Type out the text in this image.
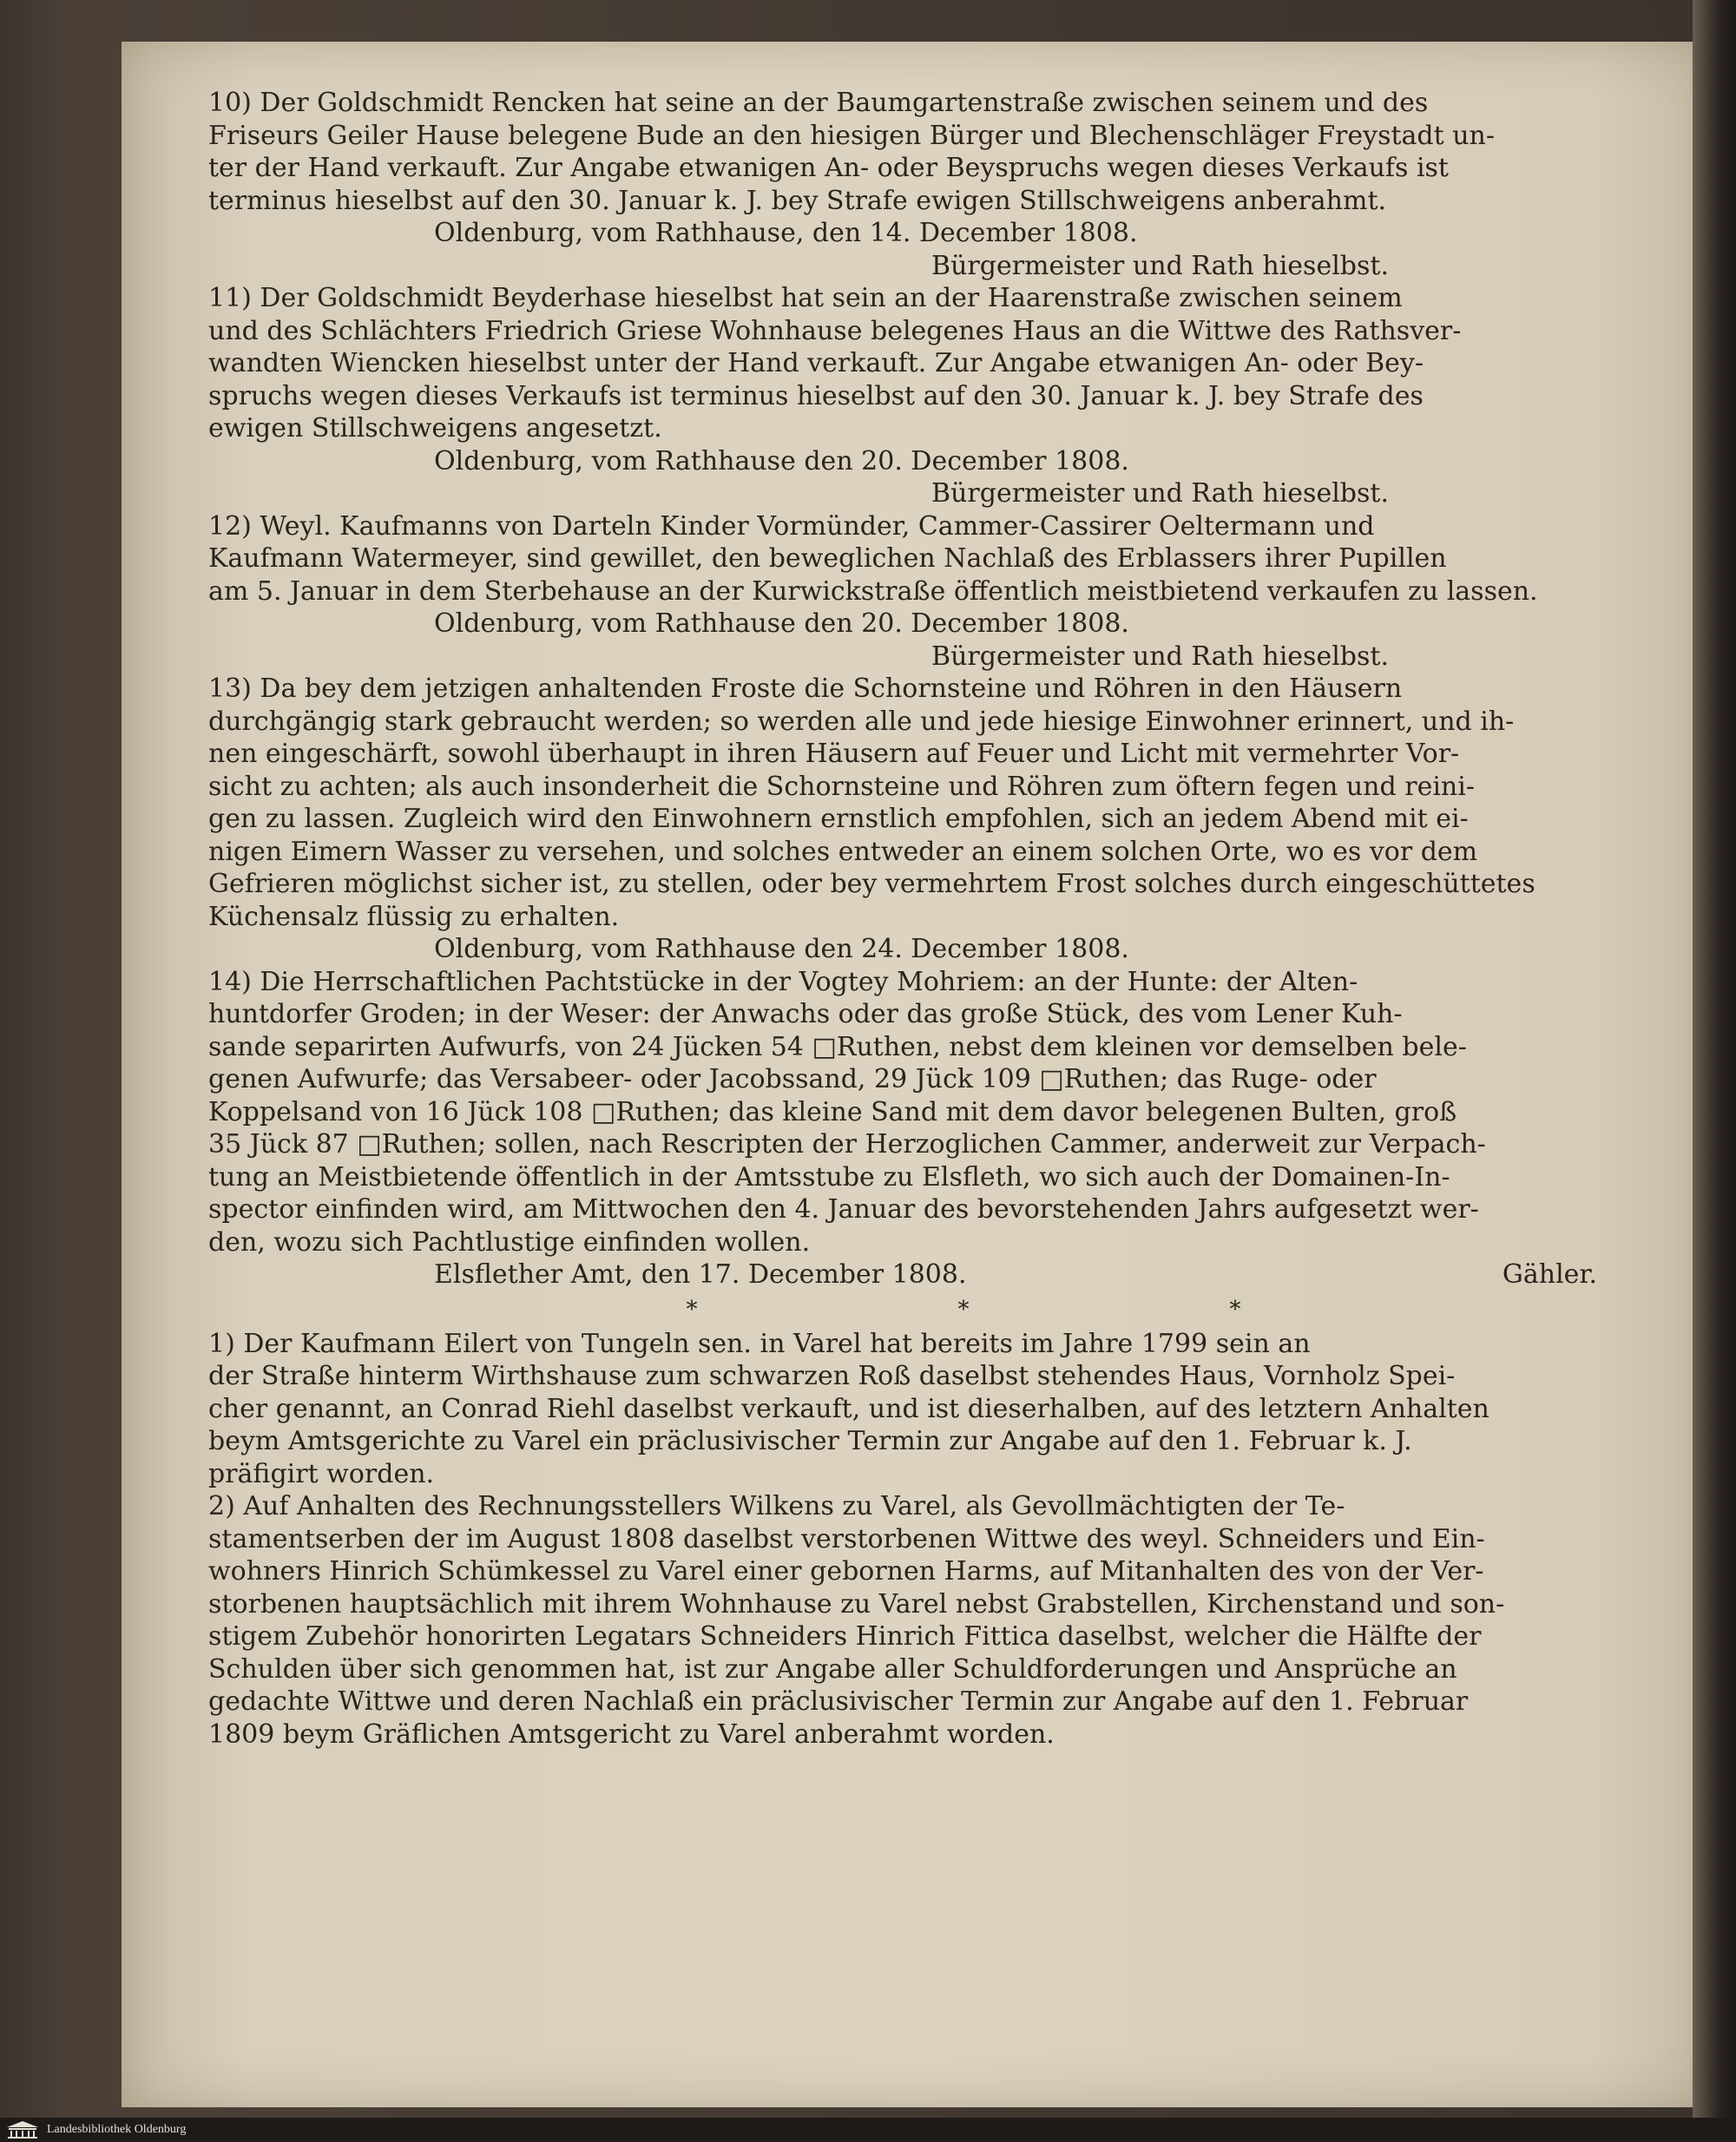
10) Der Goldschmidt Rencken hat seine an der Baumgartenstraße zwischen seinem und des
Friseurs Geiler Hause belegene Bude an den hiesigen Bürger und Blechenschläger Freystadt un-
ter der Hand verkauft. Zur Angabe etwanigen An- oder Beyspruchs wegen dieses Verkaufs ist
terminus hieselbst auf den 30. Januar k. J. bey Strafe ewigen Stillschweigens anberahmt.
Oldenburg, vom Rathhause, den 14. December 1808.
Bürgermeister und Rath hieselbst.
11) Der Goldschmidt Beyderhase hieselbst hat sein an der Haarenstraße zwischen seinem
und des Schlächters Friedrich Griese Wohnhause belegenes Haus an die Wittwe des Rathsver-
wandten Wiencken hieselbst unter der Hand verkauft. Zur Angabe etwanigen An- oder Bey-
spruchs wegen dieses Verkaufs ist terminus hieselbst auf den 30. Januar k. J. bey Strafe des
ewigen Stillschweigens angesetzt.
Oldenburg, vom Rathhause den 20. December 1808.
Bürgermeister und Rath hieselbst.
12) Weyl. Kaufmanns von Darteln Kinder Vormünder, Cammer-Cassirer Oeltermann und
Kaufmann Watermeyer, sind gewillet, den beweglichen Nachlaß des Erblassers ihrer Pupillen
am 5. Januar in dem Sterbehause an der Kurwickstraße öffentlich meistbietend verkaufen zu lassen.
Oldenburg, vom Rathhause den 20. December 1808.
Bürgermeister und Rath hieselbst.
13) Da bey dem jetzigen anhaltenden Froste die Schornsteine und Röhren in den Häusern
durchgängig stark gebraucht werden; so werden alle und jede hiesige Einwohner erinnert, und ih-
nen eingeschärft, sowohl überhaupt in ihren Häusern auf Feuer und Licht mit vermehrter Vor-
sicht zu achten; als auch insonderheit die Schornsteine und Röhren zum öftern fegen und reini-
gen zu lassen. Zugleich wird den Einwohnern ernstlich empfohlen, sich an jedem Abend mit ei-
nigen Eimern Wasser zu versehen, und solches entweder an einem solchen Orte, wo es vor dem
Gefrieren möglichst sicher ist, zu stellen, oder bey vermehrtem Frost solches durch eingeschüttetes
Küchensalz flüssig zu erhalten.
Oldenburg, vom Rathhause den 24. December 1808.
14) Die Herrschaftlichen Pachtstücke in der Vogtey Mohriem: an der Hunte: der Alten-
huntdorfer Groden; in der Weser: der Anwachs oder das große Stück, des vom Lener Kuh-
sande separirten Aufwurfs, von 24 Jücken 54 □Ruthen, nebst dem kleinen vor demselben bele-
genen Aufwurfe; das Versabeer- oder Jacobssand, 29 Jück 109 □Ruthen; das Ruge- oder
Koppelsand von 16 Jück 108 □Ruthen; das kleine Sand mit dem davor belegenen Bulten, groß
35 Jück 87 □Ruthen; sollen, nach Rescripten der Herzoglichen Cammer, anderweit zur Verpach-
tung an Meistbietende öffentlich in der Amtsstube zu Elsfleth, wo sich auch der Domainen-In-
spector einfinden wird, am Mittwochen den 4. Januar des bevorstehenden Jahrs aufgesetzt wer-
den, wozu sich Pachtlustige einfinden wollen.
Elsflether Amt, den 17. December 1808.	Gähler.
*	*	*
1) Der Kaufmann Eilert von Tungeln sen. in Varel hat bereits im Jahre 1799 sein an
der Straße hinterm Wirthshause zum schwarzen Roß daselbst stehendes Haus, Vornholz Spei-
cher genannt, an Conrad Riehl daselbst verkauft, und ist dieserhalben, auf des letztern Anhalten
beym Amtsgerichte zu Varel ein präclusivischer Termin zur Angabe auf den 1. Februar k. J.
präfigirt worden.
2) Auf Anhalten des Rechnungsstellers Wilkens zu Varel, als Gevollmächtigten der Te-
stamentserben der im August 1808 daselbst verstorbenen Wittwe des weyl. Schneiders und Ein-
wohners Hinrich Schümkessel zu Varel einer gebornen Harms, auf Mitanhalten des von der Ver-
storbenen hauptsächlich mit ihrem Wohnhause zu Varel nebst Grabstellen, Kirchenstand und son-
stigem Zubehör honorirten Legatars Schneiders Hinrich Fittica daselbst, welcher die Hälfte der
Schulden über sich genommen hat, ist zur Angabe aller Schuldforderungen und Ansprüche an
gedachte Wittwe und deren Nachlaß ein präclusivischer Termin zur Angabe auf den 1. Februar
1809 beym Gräflichen Amtsgericht zu Varel anberahmt worden.
Landesbibliothek Oldenburg
